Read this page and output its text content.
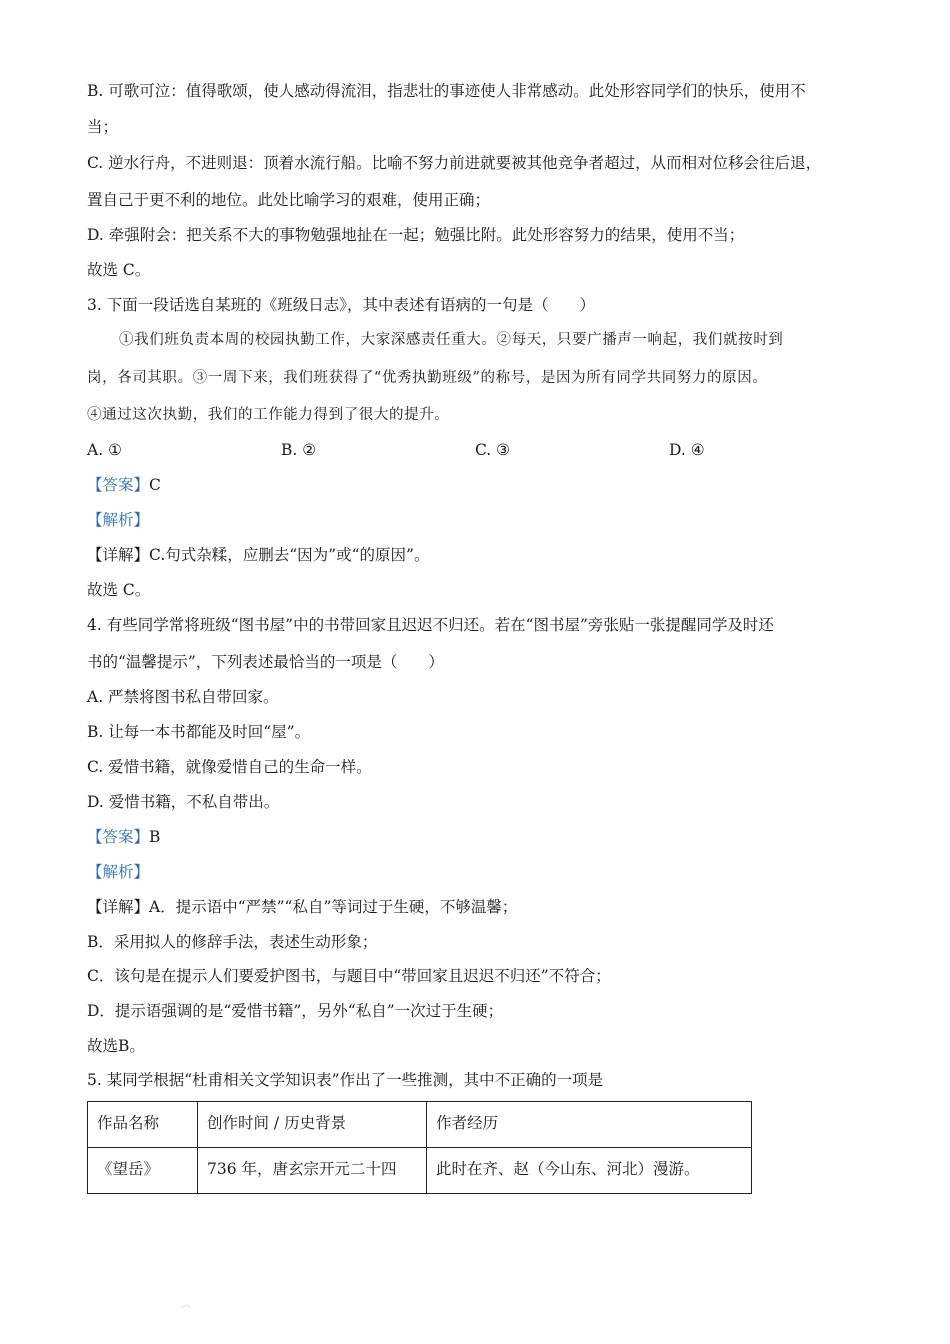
B. 可歌可泣：值得歌颂，使人感动得流泪，指悲壮的事迹使人非常感动。此处形容同学们的快乐，使用不
当；
C. 逆水行舟，不进则退：顶着水流行船。比喻不努力前进就要被其他竞争者超过，从而相对位移会往后退，
置自己于更不利的地位。此处比喻学习的艰难，使用正确；
D. 牵强附会：把关系不大的事物勉强地扯在一起；勉强比附。此处形容努力的结果，使用不当；
故选 C。
3. 下面一段话选自某班的《班级日志》，其中表述有语病的一句是（　　）
①我们班负责本周的校园执勤工作，大家深感责任重大。②每天，只要广播声一响起，我们就按时到
岗，各司其职。③一周下来，我们班获得了“优秀执勤班级”的称号，是因为所有同学共同努力的原因。
④通过这次执勤，我们的工作能力得到了很大的提升。
A. ①	B. ②	C. ③	D. ④
【答案】C
【解析】
【详解】C.句式杂糅，应删去“因为”或“的原因”。
故选 C。
4. 有些同学常将班级“图书屋”中的书带回家且迟迟不归还。若在“图书屋”旁张贴一张提醒同学及时还
书的“温馨提示”，下列表述最恰当的一项是（　　）
A. 严禁将图书私自带回家。
B. 让每一本书都能及时回“屋”。
C. 爱惜书籍，就像爱惜自己的生命一样。
D. 爱惜书籍，不私自带出。
【答案】B
【解析】
【详解】A．提示语中“严禁”“私自”等词过于生硬，不够温馨；
B．采用拟人的修辞手法，表述生动形象；
C．该句是在提示人们要爱护图书，与题目中“带回家且迟迟不归还”不符合；
D．提示语强调的是“爱惜书籍”，另外“私自”一次过于生硬；
故选B。
5. 某同学根据“杜甫相关文学知识表”作出了一些推测，其中不正确的一项是
作品名称	创作时间 / 历史背景	作者经历
《望岳》	736 年，唐玄宗开元二十四	此时在齐、赵（今山东、河北）漫游。
